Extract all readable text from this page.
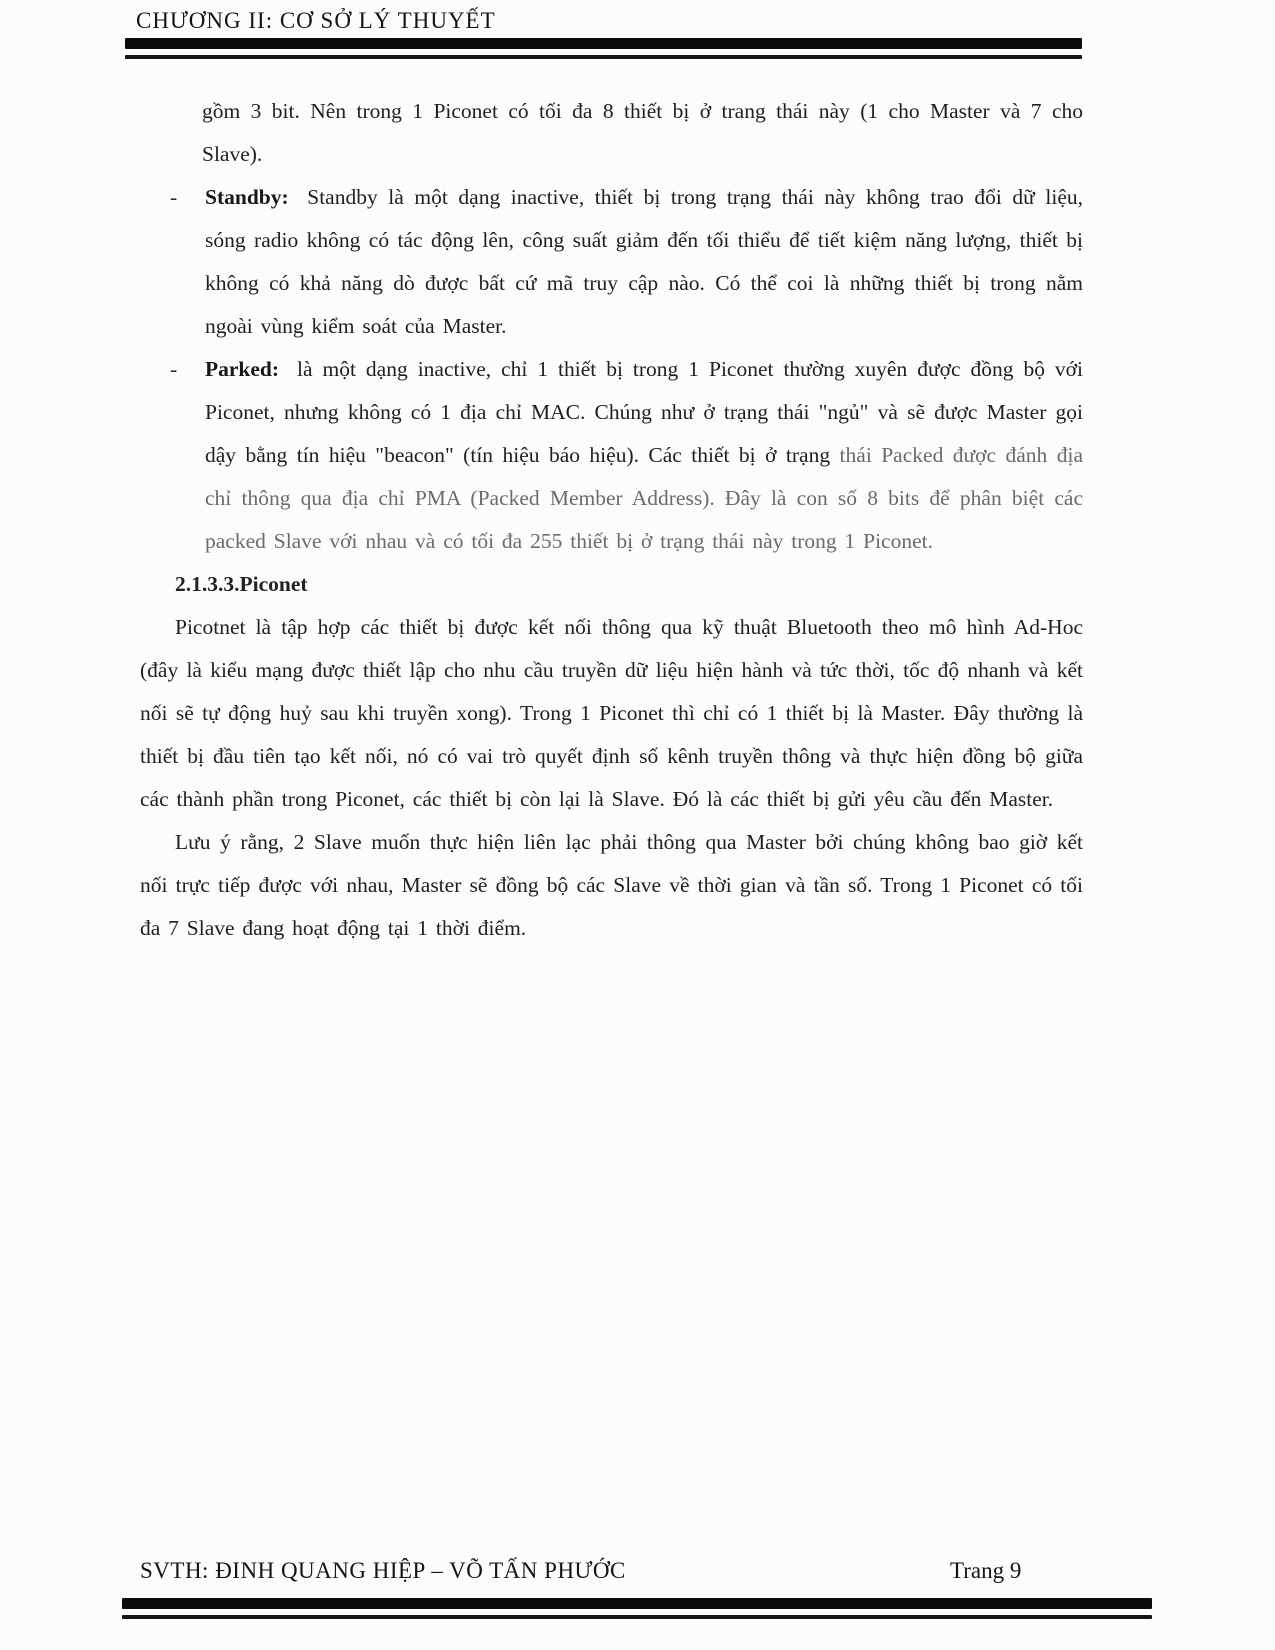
CHƯƠNG II: CƠ SỞ LÝ THUYẾT

gồm 3 bit. Nên trong 1 Piconet có tối đa 8 thiết bị ở trang thái này (1 cho Master và 7 cho Slave).

- Standby: Standby là một dạng inactive, thiết bị trong trạng thái này không trao đổi dữ liệu, sóng radio không có tác động lên, công suất giảm đến tối thiểu để tiết kiệm năng lượng, thiết bị không có khả năng dò được bất cứ mã truy cập nào. Có thể coi là những thiết bị trong nằm ngoài vùng kiểm soát của Master.
- Parked: là một dạng inactive, chỉ 1 thiết bị trong 1 Piconet thường xuyên được đồng bộ với Piconet, nhưng không có 1 địa chỉ MAC. Chúng như ở trạng thái "ngủ" và sẽ được Master gọi dậy bằng tín hiệu "beacon" (tín hiệu báo hiệu). Các thiết bị ở trạng thái Packed được đánh địa chỉ thông qua địa chỉ PMA (Packed Member Address). Đây là con số 8 bits để phân biệt các packed Slave với nhau và có tối đa 255 thiết bị ở trạng thái này trong 1 Piconet.
2.1.3.3.Piconet

Picotnet là tập hợp các thiết bị được kết nối thông qua kỹ thuật Bluetooth theo mô hình Ad-Hoc (đây là kiểu mạng được thiết lập cho nhu cầu truyền dữ liệu hiện hành và tức thời, tốc độ nhanh và kết nối sẽ tự động huỷ sau khi truyền xong). Trong 1 Piconet thì chỉ có 1 thiết bị là Master. Đây thường là thiết bị đầu tiên tạo kết nối, nó có vai trò quyết định số kênh truyền thông và thực hiện đồng bộ giữa các thành phần trong Piconet, các thiết bị còn lại là Slave. Đó là các thiết bị gửi yêu cầu đến Master.

Lưu ý rằng, 2 Slave muốn thực hiện liên lạc phải thông qua Master bởi chúng không bao giờ kết nối trực tiếp được với nhau, Master sẽ đồng bộ các Slave về thời gian và tần số. Trong 1 Piconet có tối đa 7 Slave đang hoạt động tại 1 thời điểm.

SVTH: ĐINH QUANG HIỆP – VÕ TẤN PHƯỚC	Trang 9
